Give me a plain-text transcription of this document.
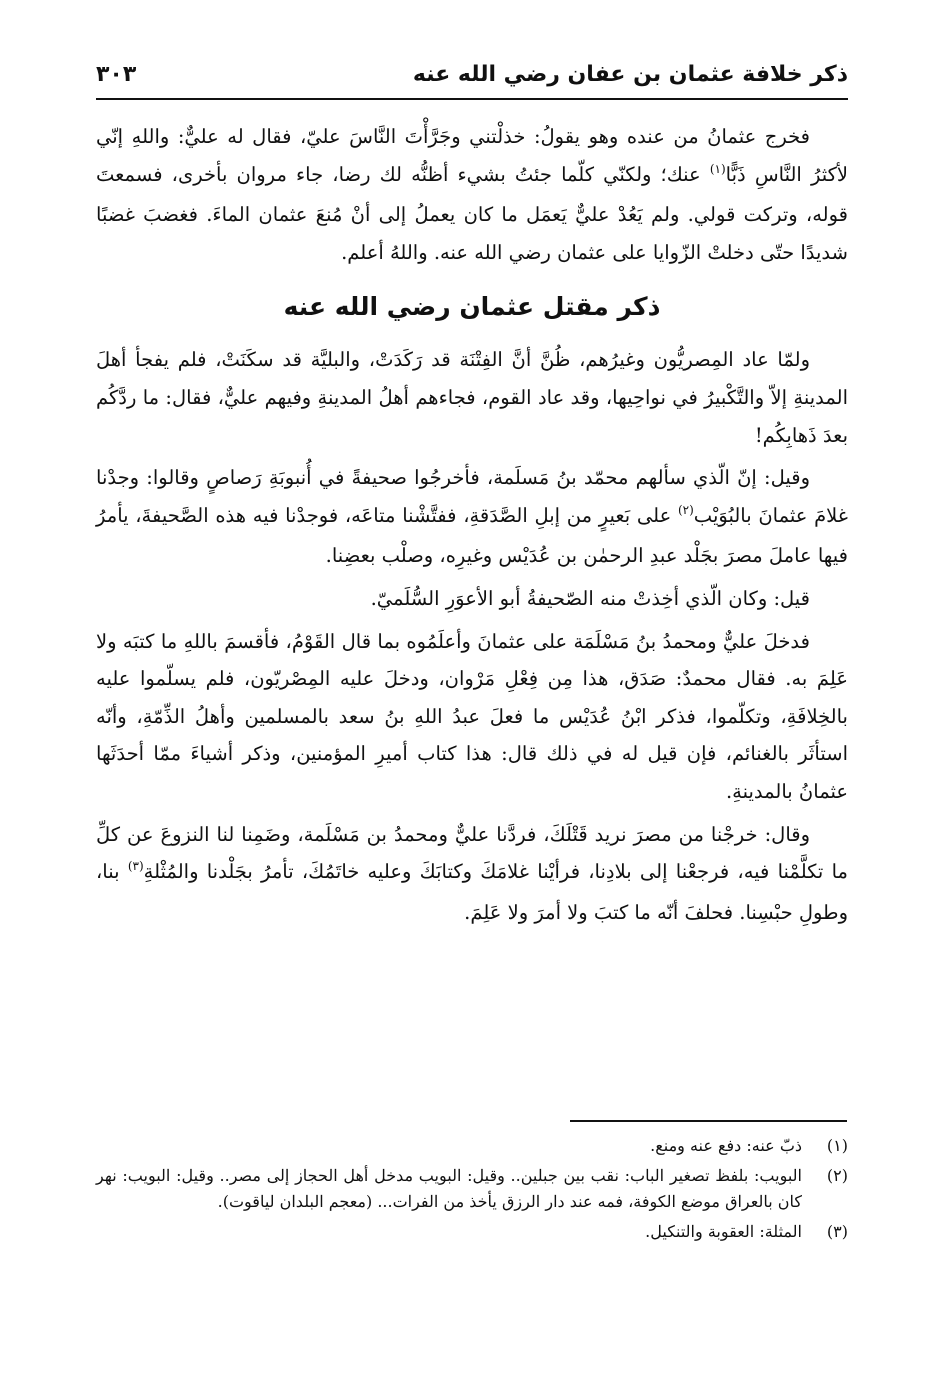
ذكر خلافة عثمان بن عفان رضي الله عنه
٣٠٣

فخرج عثمانُ من عنده وهو يقولُ: خذلْتني وجَرَّأْتَ النَّاسَ عليّ، فقال له عليٌّ: واللهِ إنّي لأكثرُ النَّاسِ ذَبًّا$^{(١)}$ عنك؛ ولكنّي كلّما جئتُ بشيء أظنُّه لك رضا، جاء مروان بأخرى، فسمعتَ قوله، وتركت قولي. ولم يَعُدْ عليٌّ يَعمَل ما كان يعملُ إلى أنْ مُنعَ عثمان الماءَ. فغضبَ غضبًا شديدًا حتّى دخلتْ الزّوايا على عثمان رضي الله عنه. واللهُ أعلم.

ذكر مقتل عثمان رضي الله عنه

ولمّا عاد المِصريُّون وغيرُهم، ظُنَّ أنَّ الفِتْنَة قد رَكَدَتْ، والبليَّة قد سكَنَتْ، فلم يفجأ أهلَ المدينةِ إلاّ والتَّكْبيرُ في نواحِيها، وقد عاد القوم، فجاءهم أهلُ المدينةِ وفيهم عليٌّ، فقال: ما ردَّكُم بعدَ ذَهابِكُم!

وقيل: إنّ الّذي سألهم محمّد بنُ مَسلَمة، فأخرجُوا صحيفةً في أُنبوبَةِ رَصاصٍ وقالوا: وجدْنا غلامَ عثمانَ بالبُوَيْب$^{(٢)}$ على بَعيرٍ من إبلِ الصَّدَقةِ، ففتَّشْنا متاعَه، فوجدْنا فيه هذه الصَّحيفةَ، يأمرُ فيها عاملَ مصرَ بجَلْد عبدِ الرحمٰن بن عُدَيْس وغيرِه، وصلْب بعضِنا.

قيل: وكان الّذي أخِذتْ منه الصّحيفةُ أبو الأعوَرِ السُّلَميّ.

فدخلَ عليٌّ ومحمدُ بنُ مَسْلَمَة على عثمانَ وأعلَمُوه بما قال القَوْمُ، فأقسمَ باللهِ ما كتبَه ولا عَلِمَ به. فقال محمدٌ: صَدَق، هذا مِن فِعْلِ مَرْوان، ودخلَ عليه المِصْريّون، فلم يسلّموا عليه بالخِلافَةِ، وتكلّموا، فذكر ابْنُ عُدَيْس ما فعلَ عبدُ اللهِ بنُ سعد بالمسلمين وأهلُ الذِّمّةِ، وأنّه استأثَر بالغنائم، فإن قيل له في ذلك قال: هذا كتاب أميرِ المؤمنين، وذكر أشياءَ ممّا أحدَثَها عثمانُ بالمدينةِ.

وقال: خرجْنا من مصرَ نريد قَتْلَكَ، فردَّنا عليٌّ ومحمدُ بن مَسْلَمة، وضَمِنا لنا النزوعَ عن كلِّ ما تكلَّمْنا فيه، فرجعْنا إلى بلادِنا، فرأيْنا غلامَكَ وكتابَكَ وعليه خاتَمُكَ، تأمرُ بجَلْدنا والمُثْلةِ$^{(٣)}$ بنا، وطولِ حبْسِنا. فحلفَ أنّه ما كتبَ ولا أمرَ ولا عَلِمَ.

(١)
ذبّ عنه: دفع عنه ومنع.
(٢)
البويب: بلفظ تصغير الباب: نقب بين جبلين.. وقيل: البويب مدخل أهل الحجاز إلى مصر.. وقيل: البويب: نهر كان بالعراق موضع الكوفة، فمه عند دار الرزق يأخذ من الفرات... (معجم البلدان لياقوت).
(٣)
المثلة: العقوبة والتنكيل.
